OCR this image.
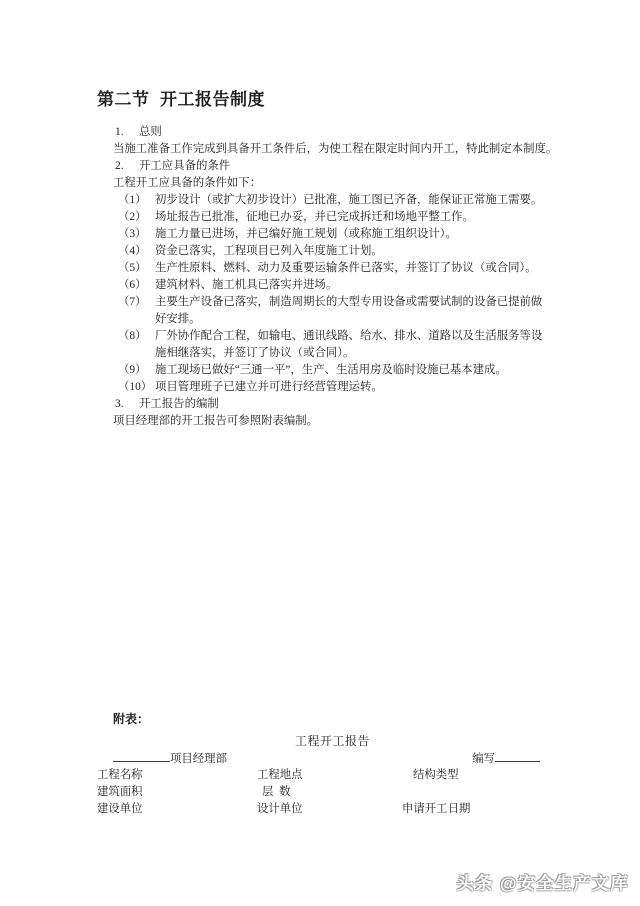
第二节  开工报告制度
1.	总则
当施工准备工作完成到具备开工条件后，为使工程在限定时间内开工，特此制定本制度。
2.	开工应具备的条件
工程开工应具备的条件如下：
（1） 初步设计（或扩大初步设计）已批准，施工图已齐备，能保证正常施工需要。
（2） 场址报告已批准，征地已办妥，并已完成拆迁和场地平整工作。
（3） 施工力量已进场，并已编好施工规划（或称施工组织设计）。
（4） 资金已落实，工程项目已列入年度施工计划。
（5） 生产性原料、燃料、动力及重要运输条件已落实，并签订了协议（或合同）。
（6） 建筑材料、施工机具已落实并进场。
（7） 主要生产设备已落实，制造周期长的大型专用设备或需要试制的设备已提前做好安排。
（8） 厂外协作配合工程，如输电、通讯线路、给水、排水、道路以及生活服务等设施相继落实，并签订了协议（或合同）。
（9） 施工现场已做好“三通一平”，生产、生活用房及临时设施已基本建成。
（10） 项目管理班子已建立并可进行经营管理运转。
3.	开工报告的编制
项目经理部的开工报告可参照附表编制。
附表：
工程开工报告
项目经理部	编写
工程名称	工程地点	结构类型
建筑面积	层  数
建设单位	设计单位	申请开工日期
头条 @安全生产文库
